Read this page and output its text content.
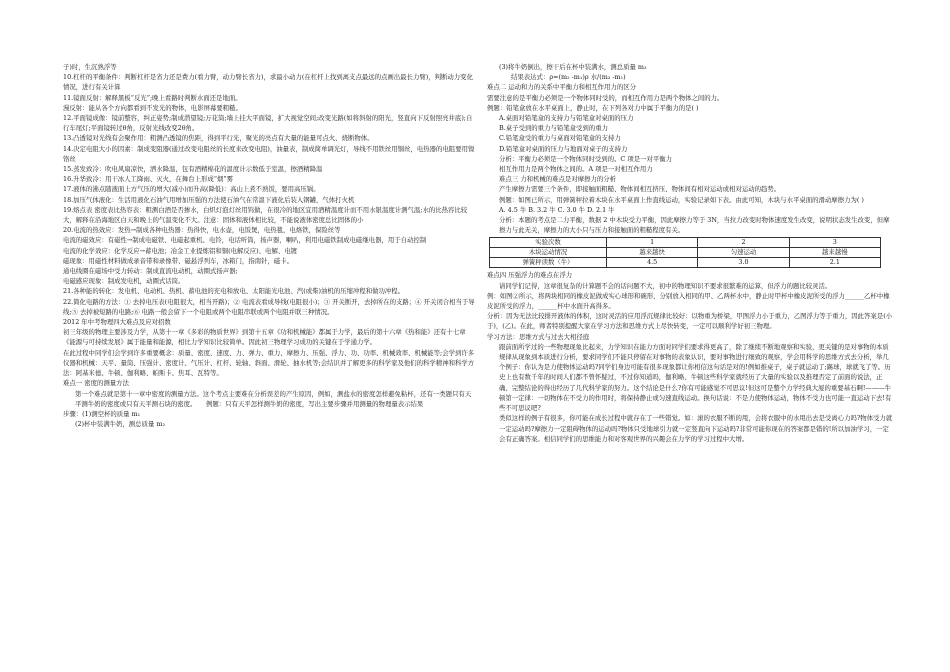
子)时，生沉熟浮等

10.杠杆的平衡条件：判断杠杆是省力还是费力(看力臂，动力臂长省力)，求最小动力(在杠杆上找到离支点最远的点画出最长力臂)，判断动力变化情况，进行有关计算

11.镜面反射：解释黑板“反光”;晚上看路时判断水面还是地面。

漫反射：能从各个方向都看到不发光的物体，电影屏幕要粗糙。

12.平面镜成像：镜前整容，纠正姿势;制成潜望镜;万花筒;墙上挂大平面镜，扩大视觉空间;改变光路(如将斜射的阳光，竖直向下反射照亮井底);自行车尾灯;平面镜转过θ角，反射光线改变2θ角。

13.凸透镜对光线有会聚作用：粗测凸透镜的焦距，得到平行光，聚光的亮点有大量的能量可点火、烧断物体。

14.决定电阻大小的因素：制成变阻器(通过改变电阻丝的长度来改变电阻)，油量表，制成简单调光灯，导线不用铁丝用铜丝，电热器的电阻要用镍铬丝

15.蒸发致冷：吹电风扇凉快，洒水降温，包有酒精棉花的温度计示数低于室温，擦酒精降温

16.升华致冷：用干冰人工降雨、灭火，在舞台上形成“烟”雾

17.液体的沸点随液面上方气压的增大(减小)而升高(降低)：高山上煮不熟饭，要用高压锅。

18.加压气体液化：生活用液化石油气用增加压强的方法使石油气在常温下液化后装入钢罐，气体打火机

19.熔点表 密度表比热容表：粗测白酒是否掺水，白炽灯泡灯丝用钨做，在很冷的地区宜用酒精温度计而不用水银温度计测气温;水的比热容比较大，解释在沿海地区白天和晚上的气温变化不大。注意：固体和液体相比较，不能说液体密度总比固体的小

20.电流的热效应：发热→制成各种电热器：热得快，电水壶，电饭煲，电热毯，电烙铁，保险丝等

电流的磁效应：有磁性→制成电磁铁、电磁起重机、电铃，电话听筒，扬声器，喇叭，利用电磁铁制成电磁继电器，用于自动控制

电流的化学效应：化学反应→蓄电池；冶金工业提炼铝和铜(电解反应)、电解、电镀

磁现象：用磁性材料做成录音带和录像带、磁悬浮列车，冰箱门，指南针，磁卡。

通电线圈在磁场中受力转动：制成直流电动机，动圈式扬声器;

电磁感应现象：制成发电机，动圈式话筒。

21.各种能的转化：发电机、电动机、热机、蓄电池的充电和放电、太阳能光电池、汽(或柴)油机的压缩冲程和做功冲程。

22.简化电路的方法：① 去掉电压表(电阻很大，相当开路)；② 电流表看成导线(电阻很小)；③ 开关断开，去掉所在的支路；④ 开关闭合相当于导线;⑤ 去掉被短路的电路;⑥ 电路一般会留下一个电阻或两个电阻串联或两个电阻并联三种情况。

2012 年中考物理四大难点及应对招数

初三年级的物理主要涉及力学，从第十一章《多彩的物质世界》到第十五章《功和机械能》都属于力学，最后的第十六章《热和能》还有十七章《能源与可持续发展》属于能量和能源，相比力学知识比较简单。因此初三物理学习成功的关键在于学通力学。

在此过程中同学们会学到许多重要概念：质量、密度、速度、力、弹力、重力、摩擦力、压强、浮力、功、功率、机械效率、机械能等;会学到许多仪器和机械：天平、量筒、压强计、密度计、气压计、杠杆、轮轴、斜面、滑轮、抽水机等;会结识并了解更多的科学家及他们的科学精神和科学方法：阿基米德、牛顿、伽利略、帕斯卡、焦耳、瓦特等。

难点一 密度的测量方法

第一个难点就是第十一章中密度的测量方法。这个考点主要难在分析误差的产生原因，例如，测盐水的密度怎样避免粘杯，还有一类题只有天平测牛奶的密度或只有天平测石块的密度。　　例题：只有天平怎样测牛奶的密度，写出主要步骤并用测量的物理量表示结果

步骤：(1)测空杯的质量 m₁

(2)杯中装满牛奶，测总质量 m₂

(3)将牛奶倒出，擦干后在杯中装满水，测总质量 m₃

结果表达式：ρ=(m₂ -m₁)ρ 水/(m₃ -m₁)

难点二 运动和力的关系中平衡力和相互作用力的区分

需要注意的是平衡力必须是一个物体同时受的，而相互作用力是两个物体之间的力。

例题：铅笔盒放在水平桌面上，静止时，在下列各对力中属于平衡力的是( )

A.桌面对铅笔盒的支持力与铅笔盒对桌面的压力

B.桌子受到的重力与铅笔盒受到的重力

C.铅笔盒受的重力与桌面对铅笔盒的支持力

D.铅笔盒对桌面的压力与地面对桌子的支持力

分析：平衡力必须是一个物体同时受到的。C 项是一对平衡力

相互作用力是两个物体之间的。A 项是一对相互作用力

难点三 力和机械的难点是对摩擦力的分析

产生摩擦力需要三个条件，即接触面粗糙、物体间相互挤压、物体间有相对运动或相对运动的趋势。

例题：如图已所示，用弹簧秤拉着木块在水平桌面上作直线运动，实验记录如下表。由此可知，木块与水平桌面的滑动摩擦力为( )

A. 4.5 牛 B. 3.2 牛 C. 3.0 牛 D. 2.1 牛

分析：本题的考点是二力平衡，数据 2 中木块受力平衡，因此摩擦力等于 3N，当拉力改变时物体速度发生改变，说明状态发生改变，但摩擦力与此无关，摩擦力的大小只与压力和接触面的粗糙程度有关。

实验次数	1	2	3
木块运动情况	越来越快	匀速运动	越来越慢
弹簧秤读数（牛）	4.5	3.0	2.1

难点四 压强浮力的难点在浮力

请同学们记得，这章很复杂的计算题不会的话问题不大，初中的物理知识不要求很繁难的运算，但浮力的题比较灵活。

例：如图②所示，将两块相同的橡皮泥做成实心球形和碗形，分别放入相同的甲、乙两杯水中，静止时甲杯中橡皮泥所受的浮力______乙杯中橡皮泥所受的浮力，______杯中水面升高得多。

分析：因为无法比较排开液体的体积，这时灵活的应用浮沉规律比较好：以物重为桥梁，甲图浮力小于重力，乙图浮力等于重力，因此答案是(小于)，(乙)。在此，师者特别提醒大家在学习方法和思维方式上尽快转变，一定可以顺利学好初三物理。

学习方法：思维方式与过去大相径庭

跟前面所学过的一些物理现象比起来，力学知识在能力方面对同学们要求得更高了，除了继续不断地观察和实验，更关键的是对事物的本质规律从现象到本质进行分析，要求同学们不能只停留在对事物的表象认识，要对事物进行细致的观察，学会用科学的思维方式去分析，举几个例子：你认为是力使物体运动吗?同学们身边可能有很多现象都让你相信这句话是对的!例如推桌子，桌子就运动了;踢球，球就飞了等。历史上也有数千年的时间人们都不曾怀疑过，不过你知道吗，伽利略、牛顿这些科学家就经历了大量的实验以及推理否定了前面的说法，正确、完整结论的得出经历了几代科学家的努力。这个结论是什么?你有可能感觉不可思议!但这可是整个力学经典大厦的重要基石啊!———牛顿第一定律：一切物体在不受力的作用时，将保持静止或匀速直线运动。换句话说：不是力使物体运动，物体不受力也可能一直运动下去!有些不可思议吧?

类似这样的例子有很多，你可能在成长过程中就存在了一些错觉。如：滚的衣服不断的甩，会将衣服中的水甩出去是受离心力吗?物体受力就一定运动吗?摩擦力一定阻碍物体的运动吗?物体只受地球引力就一定竖直向下运动吗?非常可能你现在的答案都是错的!所以加油学习，一定会有正确答案。相信同学们的思维能力和对客观世界的兴趣会在力学的学习过程中大增。
